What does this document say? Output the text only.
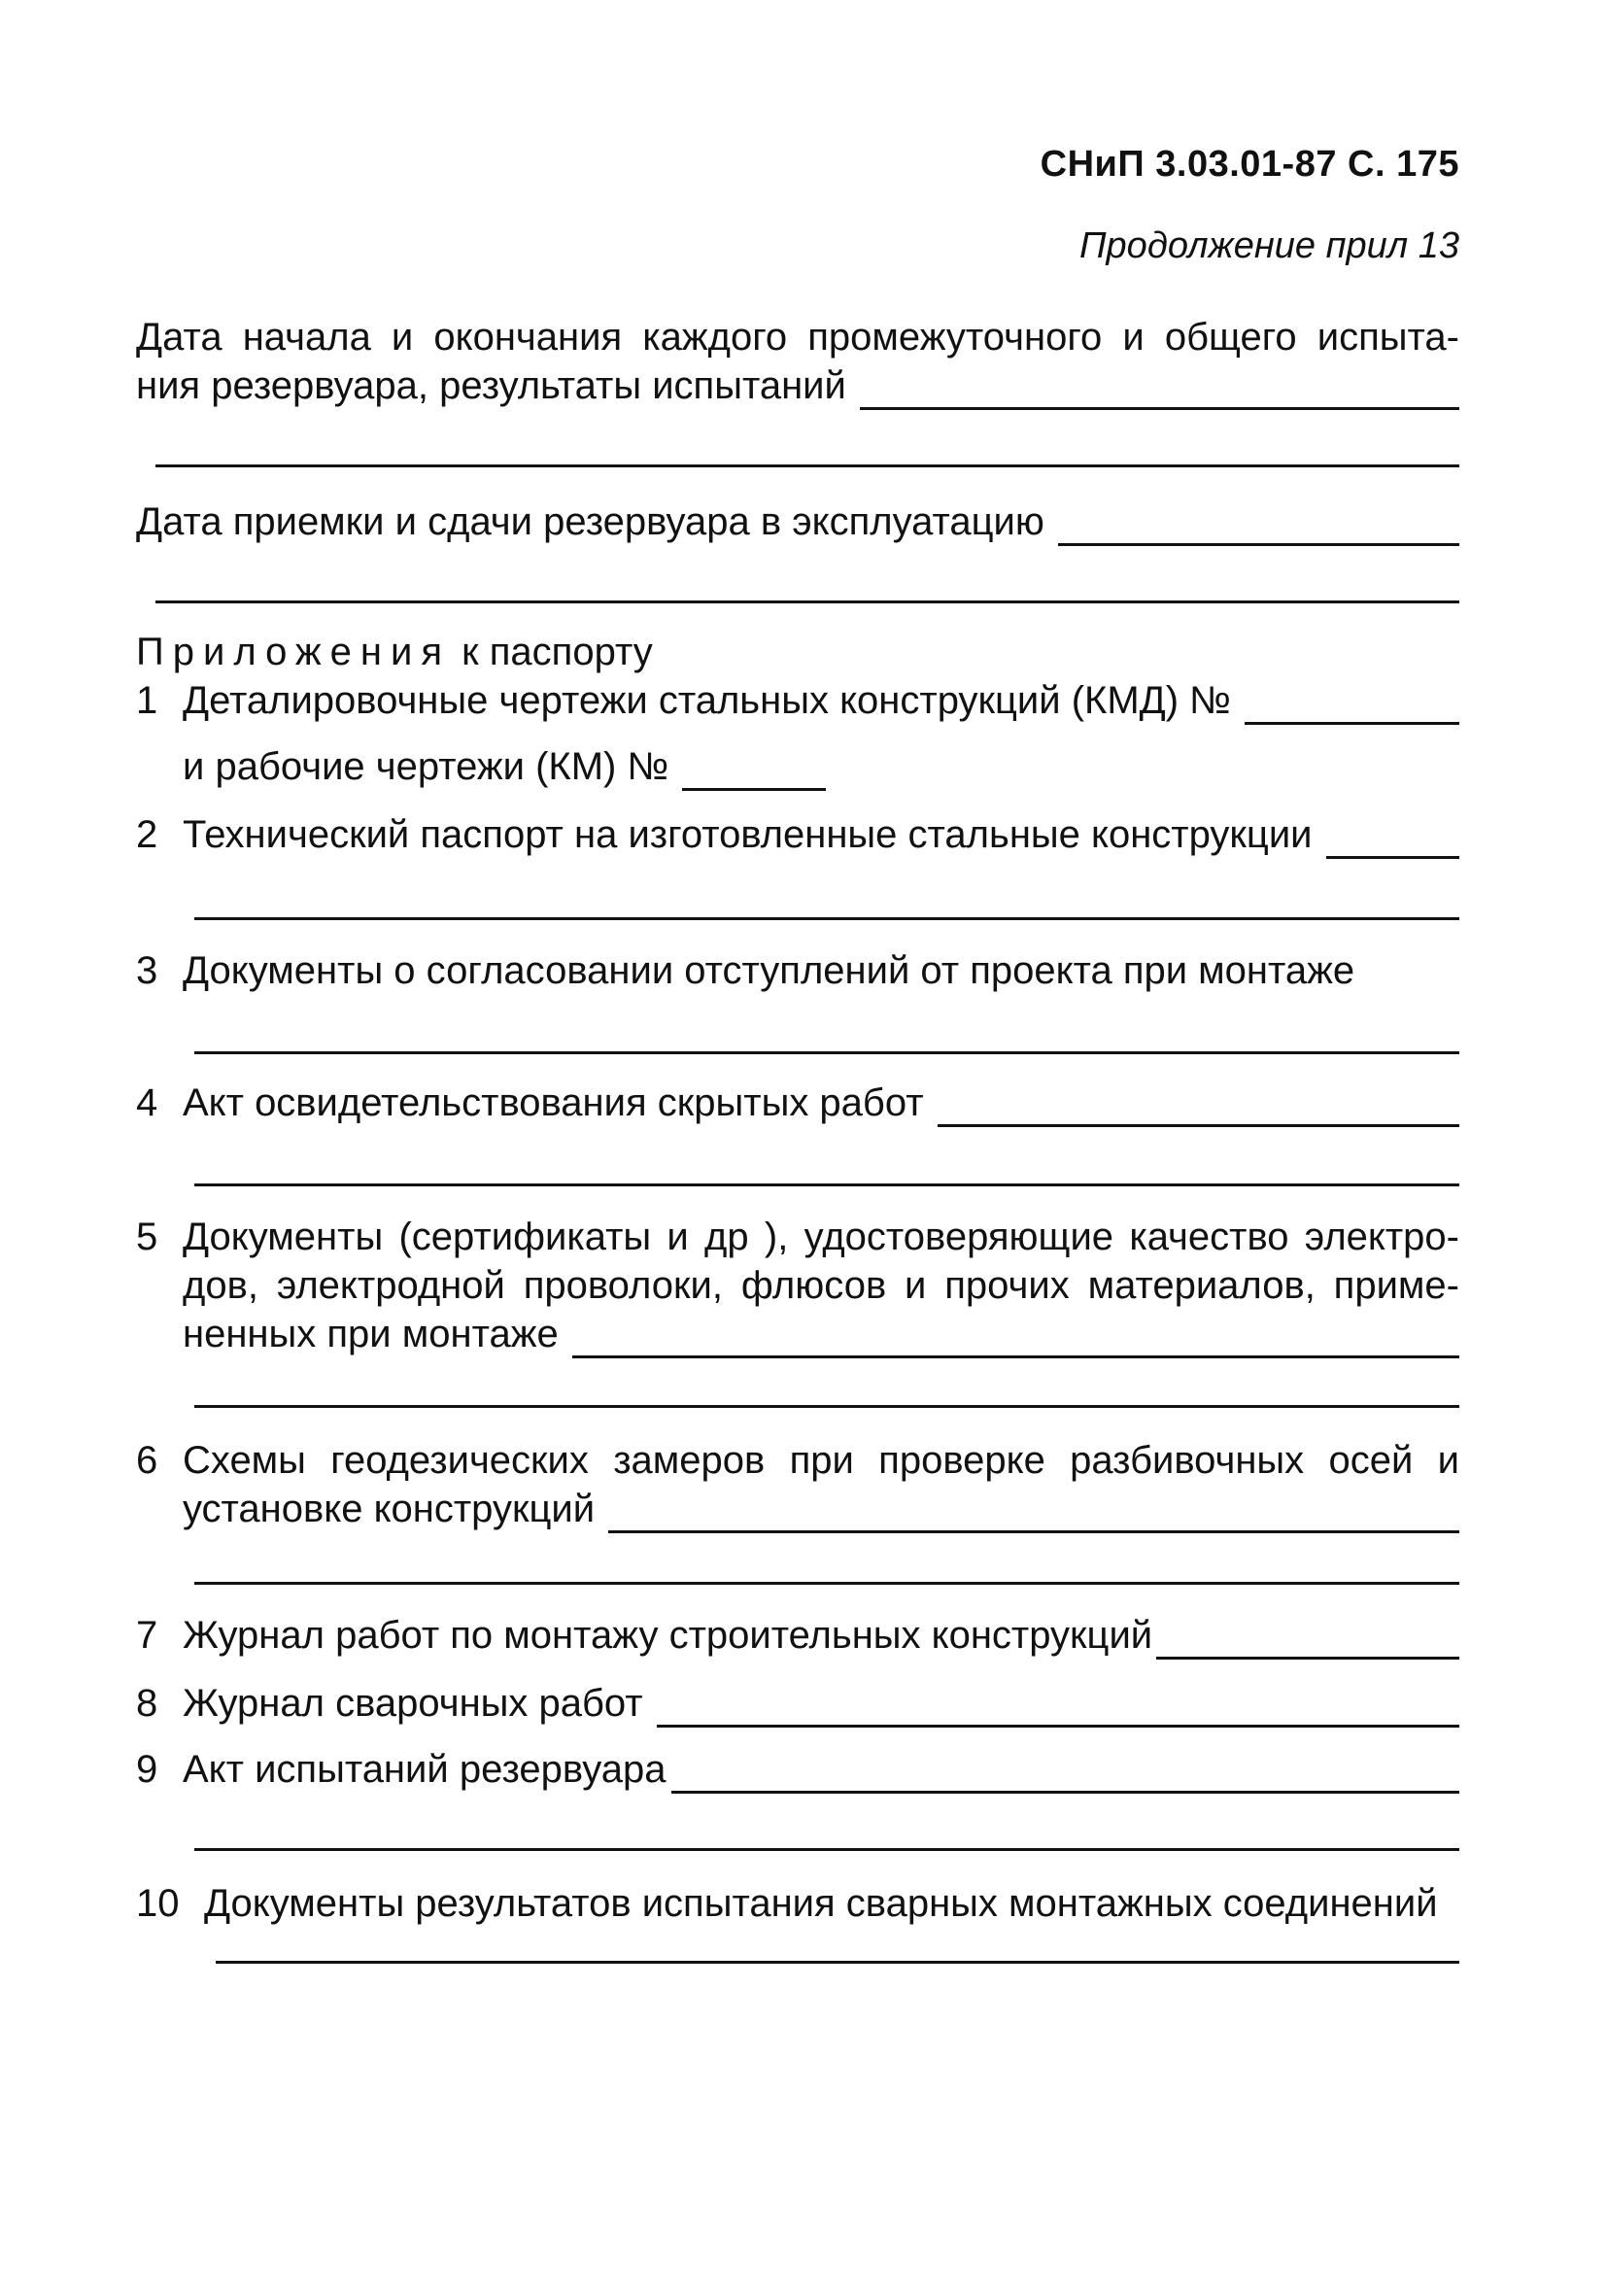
СНиП 3.03.01-87 С. 175
Продолжение прил 13
Дата начала и окончания каждого промежуточного и общего испыта-
ния резервуара, результаты испытаний
Дата приемки и сдачи резервуара в эксплуатацию
Приложения к паспорту
1 Деталировочные чертежи стальных конструкций (КМД) №
и рабочие чертежи (КМ) №
2 Технический паспорт на изготовленные стальные конструкции
3 Документы о согласовании отступлений от проекта при монтаже
4 Акт освидетельствования скрытых работ
5 Документы (сертификаты и др ), удостоверяющие качество электро-
дов, электродной проволоки, флюсов и прочих материалов, приме-
ненных при монтаже
6 Схемы геодезических замеров при проверке разбивочных осей и
установке конструкций
7 Журнал работ по монтажу строительных конструкций
8 Журнал сварочных работ
9 Акт испытаний резервуара
10 Документы результатов испытания сварных монтажных соединений
